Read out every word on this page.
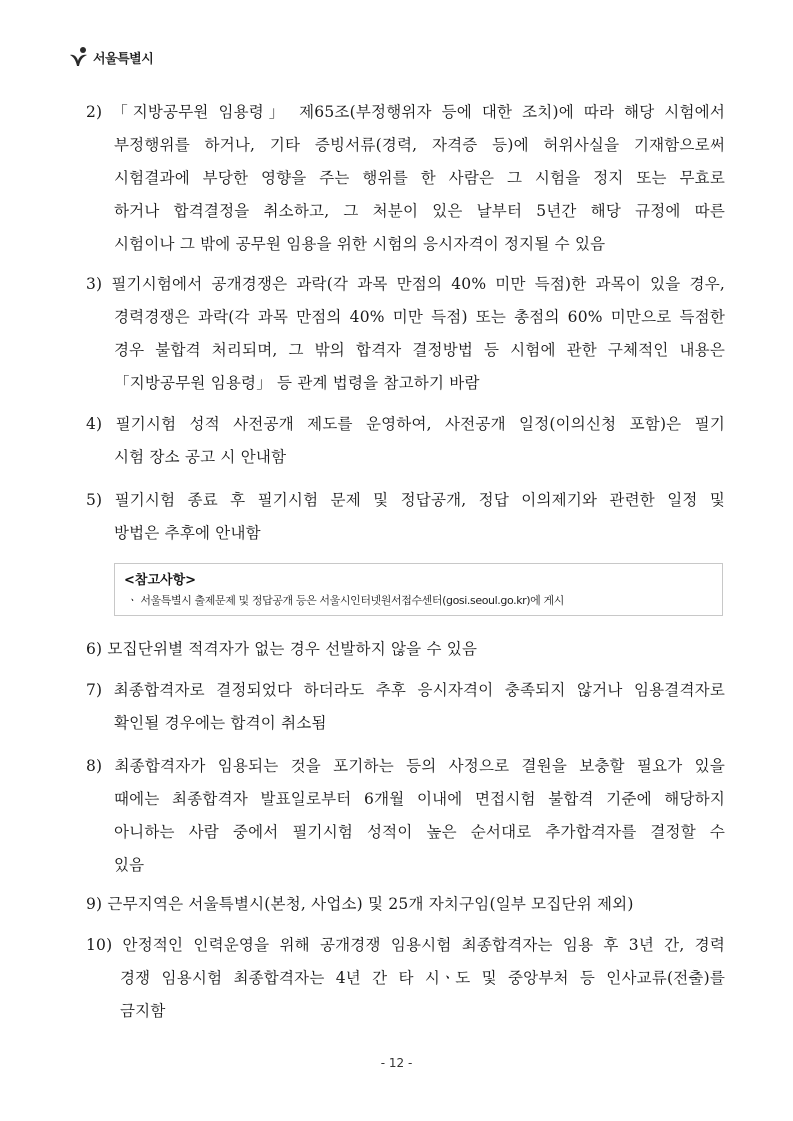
서울특별시
2) 「지방공무원 임용령」 제65조(부정행위자 등에 대한 조치)에 따라 해당 시험에서
부정행위를 하거나, 기타 증빙서류(경력, 자격증 등)에 허위사실을 기재함으로써
시험결과에 부당한 영향을 주는 행위를 한 사람은 그 시험을 정지 또는 무효로
하거나 합격결정을 취소하고, 그 처분이 있은 날부터 5년간 해당 규정에 따른
시험이나 그 밖에 공무원 임용을 위한 시험의 응시자격이 정지될 수 있음
3) 필기시험에서 공개경쟁은 과락(각 과목 만점의 40% 미만 득점)한 과목이 있을 경우,
경력경쟁은 과락(각 과목 만점의 40% 미만 득점) 또는 총점의 60% 미만으로 득점한
경우 불합격 처리되며, 그 밖의 합격자 결정방법 등 시험에 관한 구체적인 내용은
「지방공무원 임용령」 등 관계 법령을 참고하기 바람
4) 필기시험 성적 사전공개 제도를 운영하여, 사전공개 일정(이의신청 포함)은 필기
시험 장소 공고 시 안내함
5) 필기시험 종료 후 필기시험 문제 및 정답공개, 정답 이의제기와 관련한 일정 및
방법은 추후에 안내함
<참고사항>
ㆍ 서울특별시 출제문제 및 정답공개 등은 서울시인터넷원서접수센터(gosi.seoul.go.kr)에 게시
6) 모집단위별 적격자가 없는 경우 선발하지 않을 수 있음
7) 최종합격자로 결정되었다 하더라도 추후 응시자격이 충족되지 않거나 임용결격자로
확인될 경우에는 합격이 취소됨
8) 최종합격자가 임용되는 것을 포기하는 등의 사정으로 결원을 보충할 필요가 있을
때에는 최종합격자 발표일로부터 6개월 이내에 면접시험 불합격 기준에 해당하지
아니하는 사람 중에서 필기시험 성적이 높은 순서대로 추가합격자를 결정할 수
있음
9) 근무지역은 서울특별시(본청, 사업소) 및 25개 자치구임(일부 모집단위 제외)
10) 안정적인 인력운영을 위해 공개경쟁 임용시험 최종합격자는 임용 후 3년 간, 경력
경쟁 임용시험 최종합격자는 4년 간 타 시ㆍ도 및 중앙부처 등 인사교류(전출)를
금지함
- 12 -
